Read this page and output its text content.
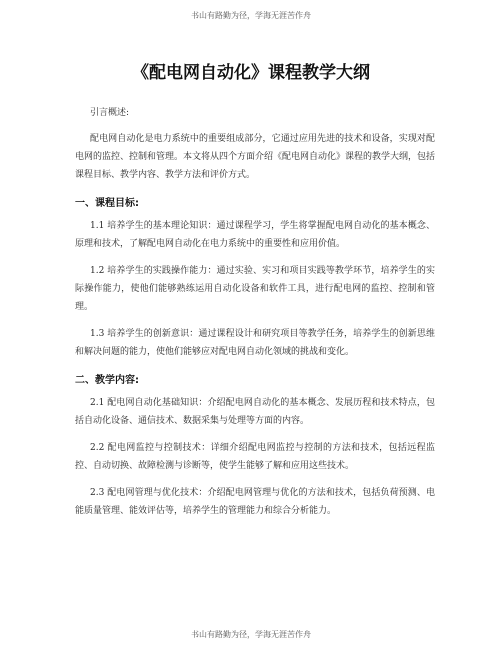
书山有路勤为径，学海无涯苦作舟
《配电网自动化》课程教学大纲

引言概述:

配电网自动化是电力系统中的重要组成部分，它通过应用先进的技术和设备，实现对配电网的监控、控制和管理。本文将从四个方面介绍《配电网自动化》课程的教学大纲，包括课程目标、教学内容、教学方法和评价方式。

一、课程目标:

1.1 培养学生的基本理论知识：通过课程学习，学生将掌握配电网自动化的基本概念、原理和技术，了解配电网自动化在电力系统中的重要性和应用价值。

1.2 培养学生的实践操作能力：通过实验、实习和项目实践等教学环节，培养学生的实际操作能力，使他们能够熟练运用自动化设备和软件工具，进行配电网的监控、控制和管理。

1.3 培养学生的创新意识：通过课程设计和研究项目等教学任务，培养学生的创新思维和解决问题的能力，使他们能够应对配电网自动化领域的挑战和变化。

二、教学内容:

2.1 配电网自动化基础知识：介绍配电网自动化的基本概念、发展历程和技术特点，包括自动化设备、通信技术、数据采集与处理等方面的内容。

2.2 配电网监控与控制技术：详细介绍配电网监控与控制的方法和技术，包括远程监控、自动切换、故障检测与诊断等，使学生能够了解和应用这些技术。

2.3 配电网管理与优化技术：介绍配电网管理与优化的方法和技术，包括负荷预测、电能质量管理、能效评估等，培养学生的管理能力和综合分析能力。

书山有路勤为径，学海无涯苦作舟
